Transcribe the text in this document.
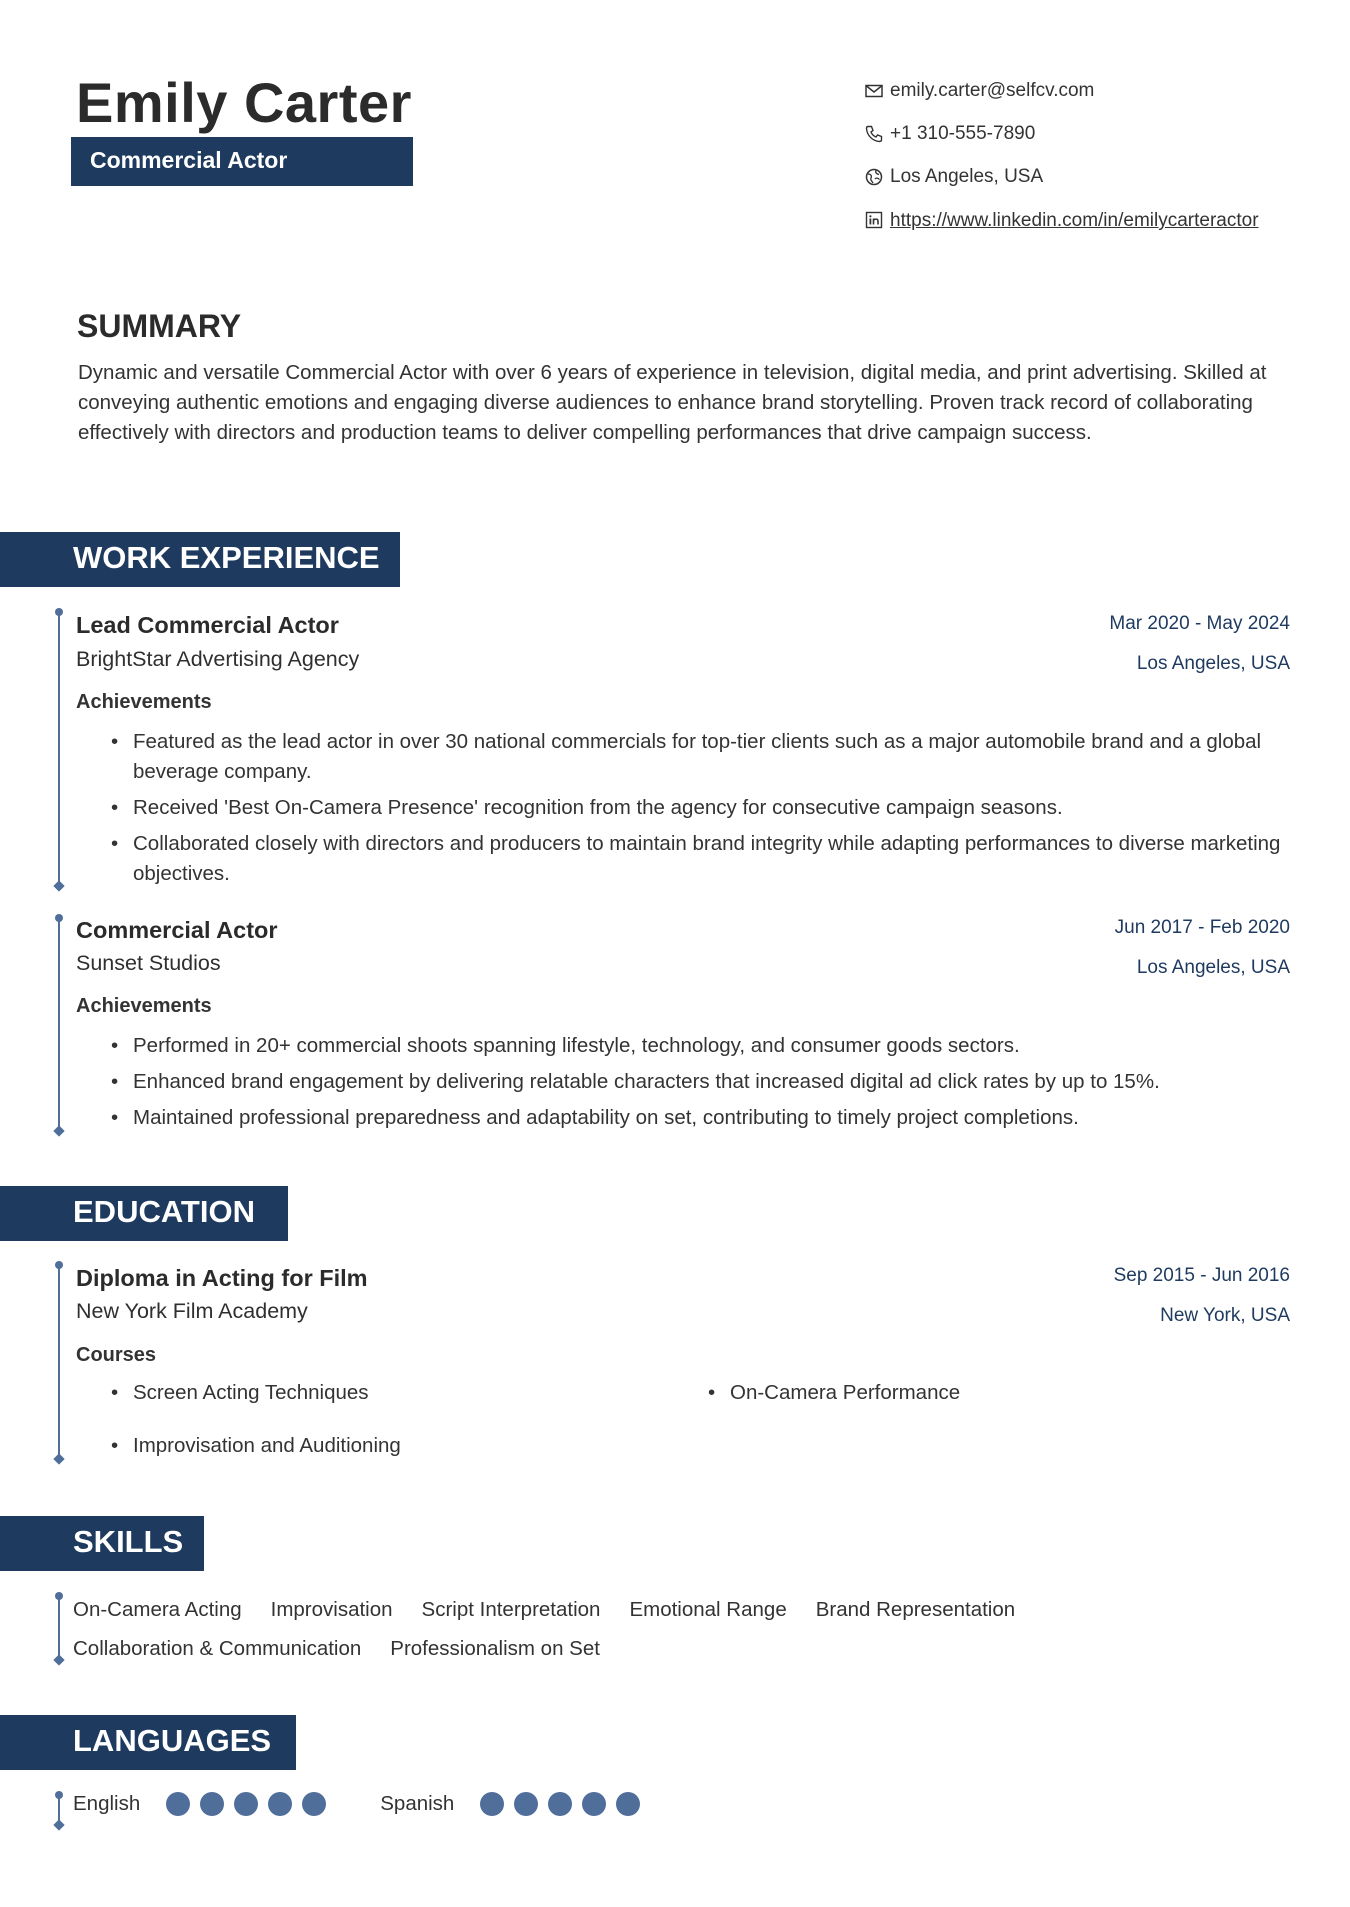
Emily Carter
Commercial Actor
emily.carter@selfcv.com
+1 310-555-7890
Los Angeles, USA
https://www.linkedin.com/in/emilycarteractor
SUMMARY
Dynamic and versatile Commercial Actor with over 6 years of experience in television, digital media, and print advertising. Skilled at conveying authentic emotions and engaging diverse audiences to enhance brand storytelling. Proven track record of collaborating effectively with directors and production teams to deliver compelling performances that drive campaign success.
WORK EXPERIENCE
Lead Commercial Actor
BrightStar Advertising Agency
Mar 2020 - May 2024
Los Angeles, USA
Achievements
• Featured as the lead actor in over 30 national commercials for top-tier clients such as a major automobile brand and a global beverage company.
• Received 'Best On-Camera Presence' recognition from the agency for consecutive campaign seasons.
• Collaborated closely with directors and producers to maintain brand integrity while adapting performances to diverse marketing objectives.
Commercial Actor
Sunset Studios
Jun 2017 - Feb 2020
Los Angeles, USA
Achievements
• Performed in 20+ commercial shoots spanning lifestyle, technology, and consumer goods sectors.
• Enhanced brand engagement by delivering relatable characters that increased digital ad click rates by up to 15%.
• Maintained professional preparedness and adaptability on set, contributing to timely project completions.
EDUCATION
Diploma in Acting for Film
New York Film Academy
Sep 2015 - Jun 2016
New York, USA
Courses
• Screen Acting Techniques
•	On-Camera Performance
• Improvisation and Auditioning
SKILLS
On-Camera Acting Improvisation Script Interpretation Emotional Range Brand Representation
Collaboration & Communication Professionalism on Set
LANGUAGES
English	Spanish
